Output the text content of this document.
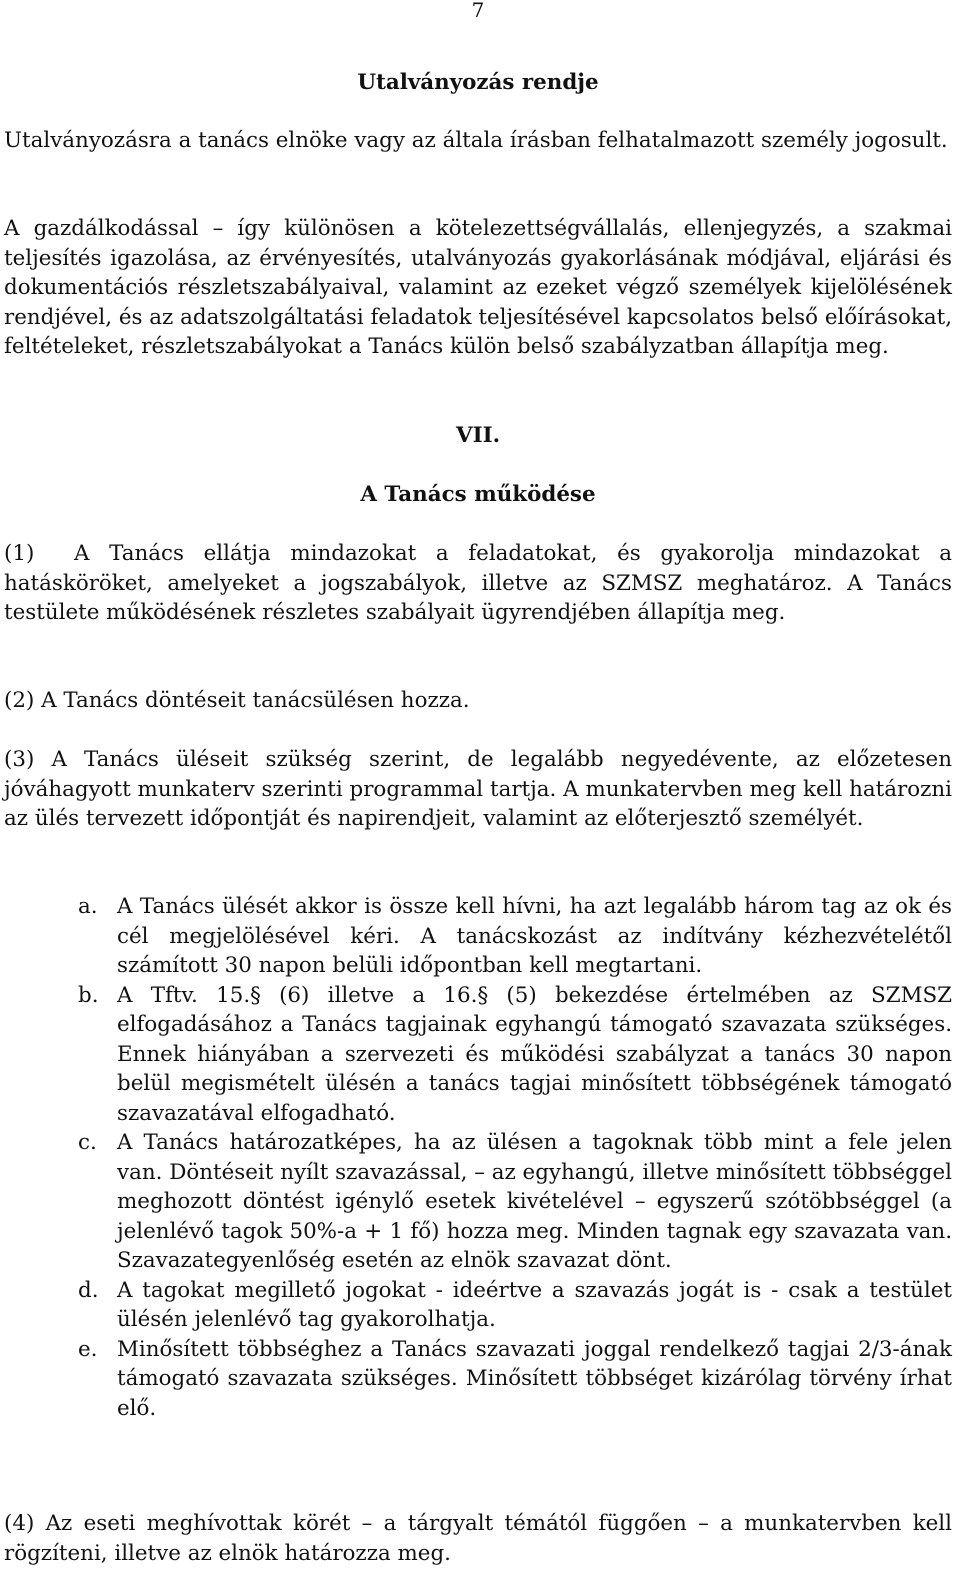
7
Utalványozás rendje

Utalványozásra a tanács elnöke vagy az általa írásban felhatalmazott személy jogosult.

A gazdálkodással – így különösen a kötelezettségvállalás, ellenjegyzés, a szakmai teljesítés igazolása, az érvényesítés, utalványozás gyakorlásának módjával, eljárási és dokumentációs részletszabályaival, valamint az ezeket végző személyek kijelölésének rendjével, és az adatszolgáltatási feladatok teljesítésével kapcsolatos belső előírásokat, feltételeket, részletszabályokat a Tanács külön belső szabályzatban állapítja meg.

VII.
A Tanács működése

(1) A Tanács ellátja mindazokat a feladatokat, és gyakorolja mindazokat a hatásköröket, amelyeket a jogszabályok, illetve az SZMSZ meghatároz. A Tanács testülete működésének részletes szabályait ügyrendjében állapítja meg.

(2) A Tanács döntéseit tanácsülésen hozza.

(3) A Tanács üléseit szükség szerint, de legalább negyedévente, az előzetesen jóváhagyott munkaterv szerinti programmal tartja. A munkatervben meg kell határozni az ülés tervezett időpontját és napirendjeit, valamint az előterjesztő személyét.

a. A Tanács ülését akkor is össze kell hívni, ha azt legalább három tag az ok és cél megjelölésével kéri. A tanácskozást az indítvány kézhezvételétől számított 30 napon belüli időpontban kell megtartani.
b. A Tftv. 15.§ (6) illetve a 16.§ (5) bekezdése értelmében az SZMSZ elfogadásához a Tanács tagjainak egyhangú támogató szavazata szükséges. Ennek hiányában a szervezeti és működési szabályzat a tanács 30 napon belül megismételt ülésén a tanács tagjai minősített többségének támogató szavazatával elfogadható.
c. A Tanács határozatképes, ha az ülésen a tagoknak több mint a fele jelen van. Döntéseit nyílt szavazással, – az egyhangú, illetve minősített többséggel meghozott döntést igénylő esetek kivételével – egyszerű szótöbbséggel (a jelenlévő tagok 50%-a + 1 fő) hozza meg. Minden tagnak egy szavazata van. Szavazategyenlőség esetén az elnök szavazat dönt.
d. A tagokat megillető jogokat - ideértve a szavazás jogát is - csak a testület ülésén jelenlévő tag gyakorolhatja.
e. Minősített többséghez a Tanács szavazati joggal rendelkező tagjai 2/3-ának támogató szavazata szükséges. Minősített többséget kizárólag törvény írhat elő.

(4) Az eseti meghívottak körét – a tárgyalt témától függően – a munkatervben kell rögzíteni, illetve az elnök határozza meg.
